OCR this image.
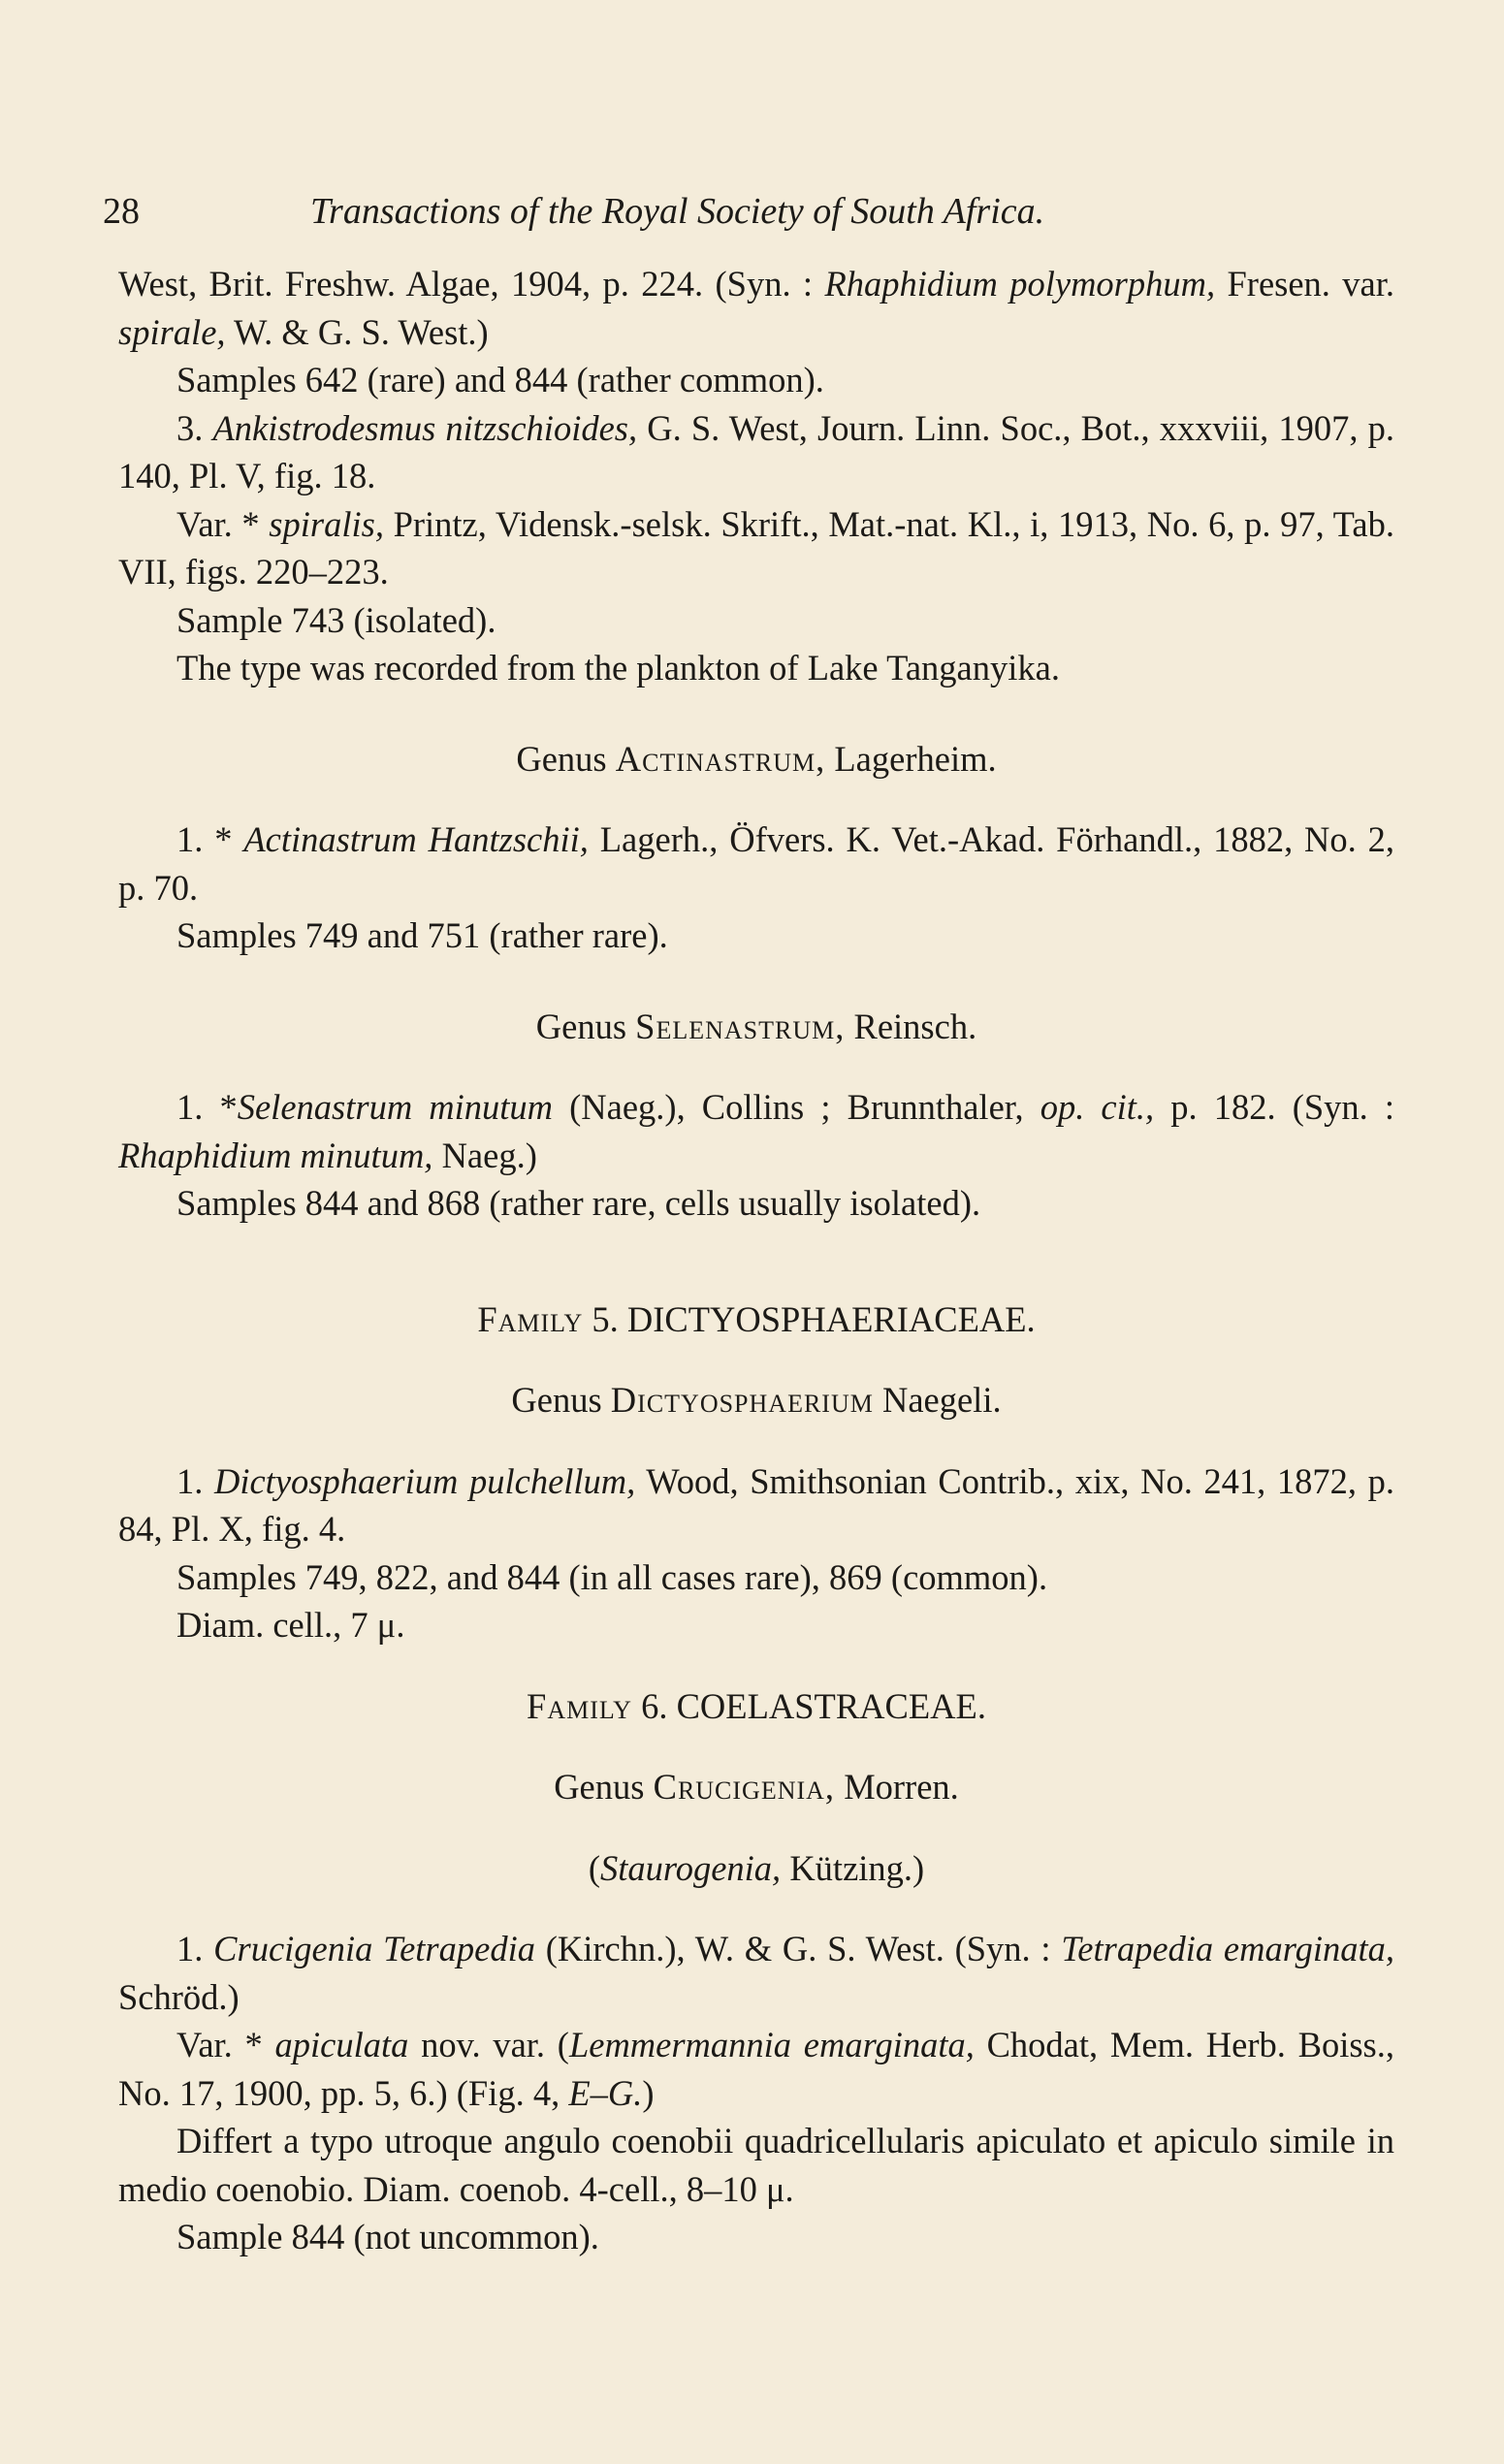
28	Transactions of the Royal Society of South Africa.

West, Brit. Freshw. Algae, 1904, p. 224. (Syn. : Rhaphidium polymorphum, Fresen. var. spirale, W. & G. S. West.)

Samples 642 (rare) and 844 (rather common).

3. Ankistrodesmus nitzschioides, G. S. West, Journ. Linn. Soc., Bot., xxxviii, 1907, p. 140, Pl. V, fig. 18.

Var. * spiralis, Printz, Vidensk.-selsk. Skrift., Mat.-nat. Kl., i, 1913, No. 6, p. 97, Tab. VII, figs. 220–223.

Sample 743 (isolated).

The type was recorded from the plankton of Lake Tanganyika.

Genus Actinastrum, Lagerheim.

1. * Actinastrum Hantzschii, Lagerh., Öfvers. K. Vet.-Akad. Förhandl., 1882, No. 2, p. 70.

Samples 749 and 751 (rather rare).

Genus Selenastrum, Reinsch.

1. *Selenastrum minutum (Naeg.), Collins ; Brunnthaler, op. cit., p. 182. (Syn. : Rhaphidium minutum, Naeg.)

Samples 844 and 868 (rather rare, cells usually isolated).

Family 5. DICTYOSPHAERIACEAE.

Genus Dictyosphaerium Naegeli.

1. Dictyosphaerium pulchellum, Wood, Smithsonian Contrib., xix, No. 241, 1872, p. 84, Pl. X, fig. 4.

Samples 749, 822, and 844 (in all cases rare), 869 (common).

Diam. cell., 7 μ.

Family 6. COELASTRACEAE.

Genus Crucigenia, Morren.

(Staurogenia, Kützing.)

1. Crucigenia Tetrapedia (Kirchn.), W. & G. S. West. (Syn. : Tetrapedia emarginata, Schröd.)

Var. * apiculata nov. var. (Lemmermannia emarginata, Chodat, Mem. Herb. Boiss., No. 17, 1900, pp. 5, 6.) (Fig. 4, E–G.)

Differt a typo utroque angulo coenobii quadricellularis apiculato et apiculo simile in medio coenobio. Diam. coenob. 4-cell., 8–10 μ.

Sample 844 (not uncommon).
